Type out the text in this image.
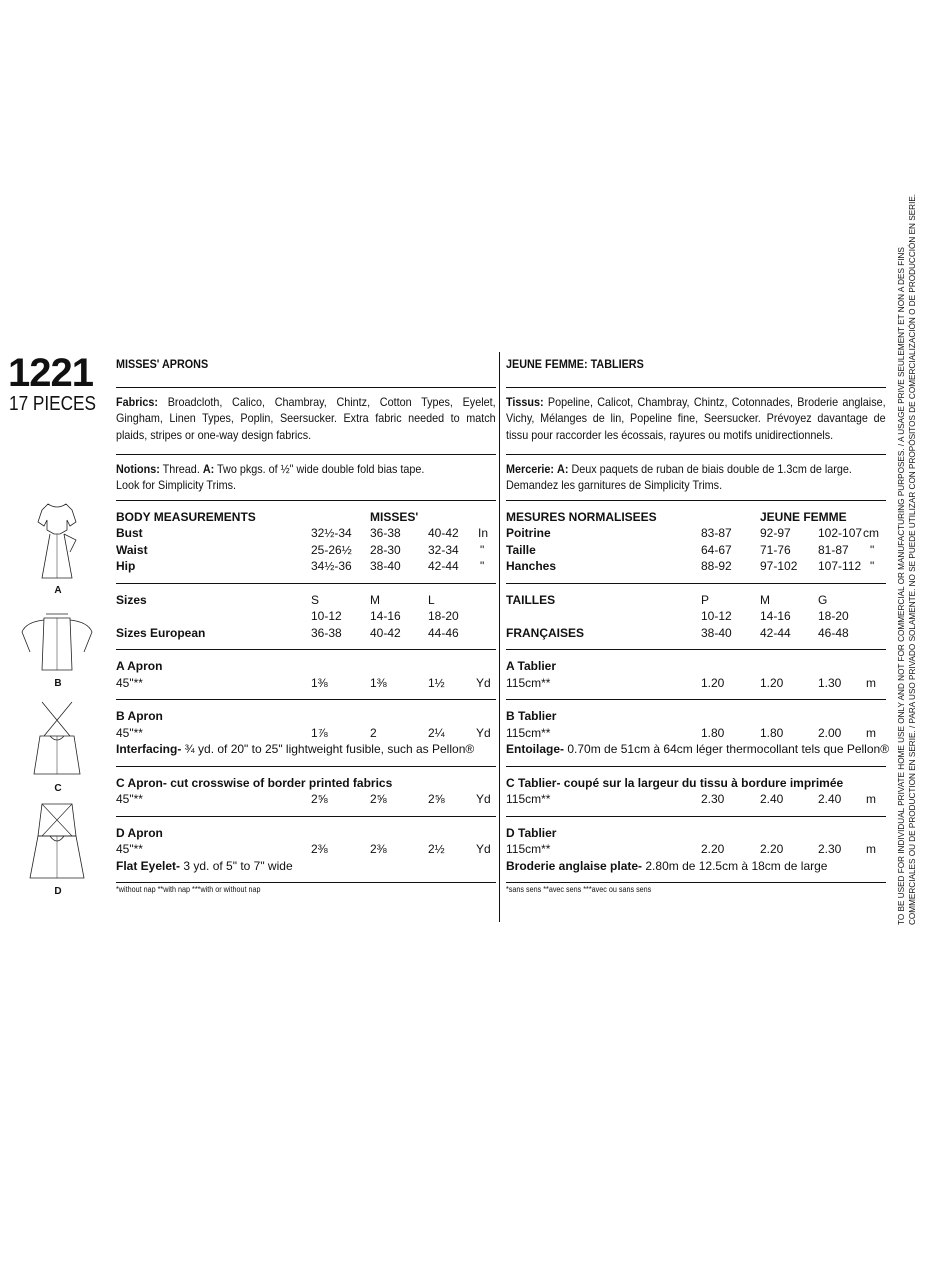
1221
17 PIECES
A
B
C
D
MISSES' APRONS
Fabrics: Broadcloth, Calico, Chambray, Chintz, Cotton Types, Eyelet, Gingham, Linen Types, Poplin, Seersucker. Extra fabric needed to match plaids, stripes or one-way design fabrics.
Notions: Thread. A: Two pkgs. of ½" wide double fold bias tape.
Look for Simplicity Trims.
BODY MEASUREMENTS	MISSES'
Bust	32½-34 36-38 40-42 In
Waist	25-26½ 28-30 32-34 "
Hip	34½-36 38-40 42-44 "
Sizes	S	M	L
10-12 14-16 18-20
Sizes European	36-38 40-42 44-46
A Apron
45"**	1⅜	1⅜	1½	Yd
B Apron
45"**	1⅞	2	2¼	Yd
Interfacing- ¾ yd. of 20" to 25" lightweight fusible, such as Pellon®
C Apron- cut crosswise of border printed fabrics
45"**	2⅝	2⅝	2⅝	Yd
D Apron
45"**	2⅜	2⅜	2½	Yd
Flat Eyelet- 3 yd. of 5" to 7" wide
*without nap **with nap ***with or without nap
JEUNE FEMME: TABLIERS
Tissus: Popeline, Calicot, Chambray, Chintz, Cotonnades, Broderie anglaise, Vichy, Mélanges de lin, Popeline fine, Seersucker. Prévoyez davantage de tissu pour raccorder les écossais, rayures ou motifs unidirectionnels.
Mercerie: A: Deux paquets de ruban de biais double de 1.3cm de large.
Demandez les garnitures de Simplicity Trims.
MESURES NORMALISEES	JEUNE FEMME
Poitrine	83-87 92-97 102-107 cm
Taille	64-67 71-76 81-87 "
Hanches	88-92 97-102 107-112 "
TAILLES	P	M	G
10-12 14-16 18-20
FRANÇAISES	38-40 42-44 46-48
A Tablier
115cm**	1.20	1.20	1.30 m
B Tablier
115cm**	1.80	1.80	2.00 m
Entoilage- 0.70m de 51cm à 64cm léger thermocollant tels que Pellon®
C Tablier- coupé sur la largeur du tissu à bordure imprimée
115cm**	2.30	2.40	2.40 m
D Tablier
115cm**	2.20	2.20	2.30 m
Broderie anglaise plate- 2.80m de 12.5cm à 18cm de large
*sans sens **avec sens ***avec ou sans sens	TO BE USED FOR INDIVIDUAL PRIVATE HOME USE ONLY AND NOT FOR COMMERCIAL OR MANUFACTURING PURPOSES. / A USAGE PRIVE SEULEMENT ET NON A DES FINS COMMERCIALES OU DE PRODUCTION EN SERIE. / PARA USO PRIVADO SOLAMENTE. NO SE PUEDE UTILIZAR CON PROPÓSITOS DE COMERCIALIZACIÓN O DE PRODUCCIÓN EN SERIE.
